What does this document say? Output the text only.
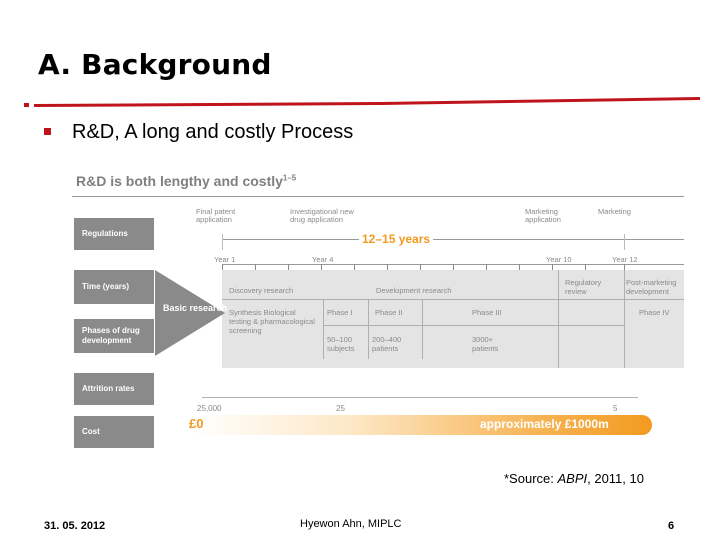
A. Background
R&D, A long and costly Process
R&D is both lengthy and costly$^{1-5}$
Regulations
Time (years)
Phases of drug development
Attrition rates
Cost
Final patent application
Investigational new drug application
Marketing application
Marketing
12–15 years
Year 1	Year 4	Year 10	Year 12
Basic research
Discovery research	Development research
Regulatory review
Post-marketing development
Synthesis Biological testing & pharmacological screening
Phase I
50–100 subjects
Phase II
200–400 patients
Phase III
3000+ patients
Phase IV
25,000	25	5
£0	approximately £1000m
*Source: ABPI, 2011, 10
31. 05. 2012	Hyewon Ahn, MIPLC	6
